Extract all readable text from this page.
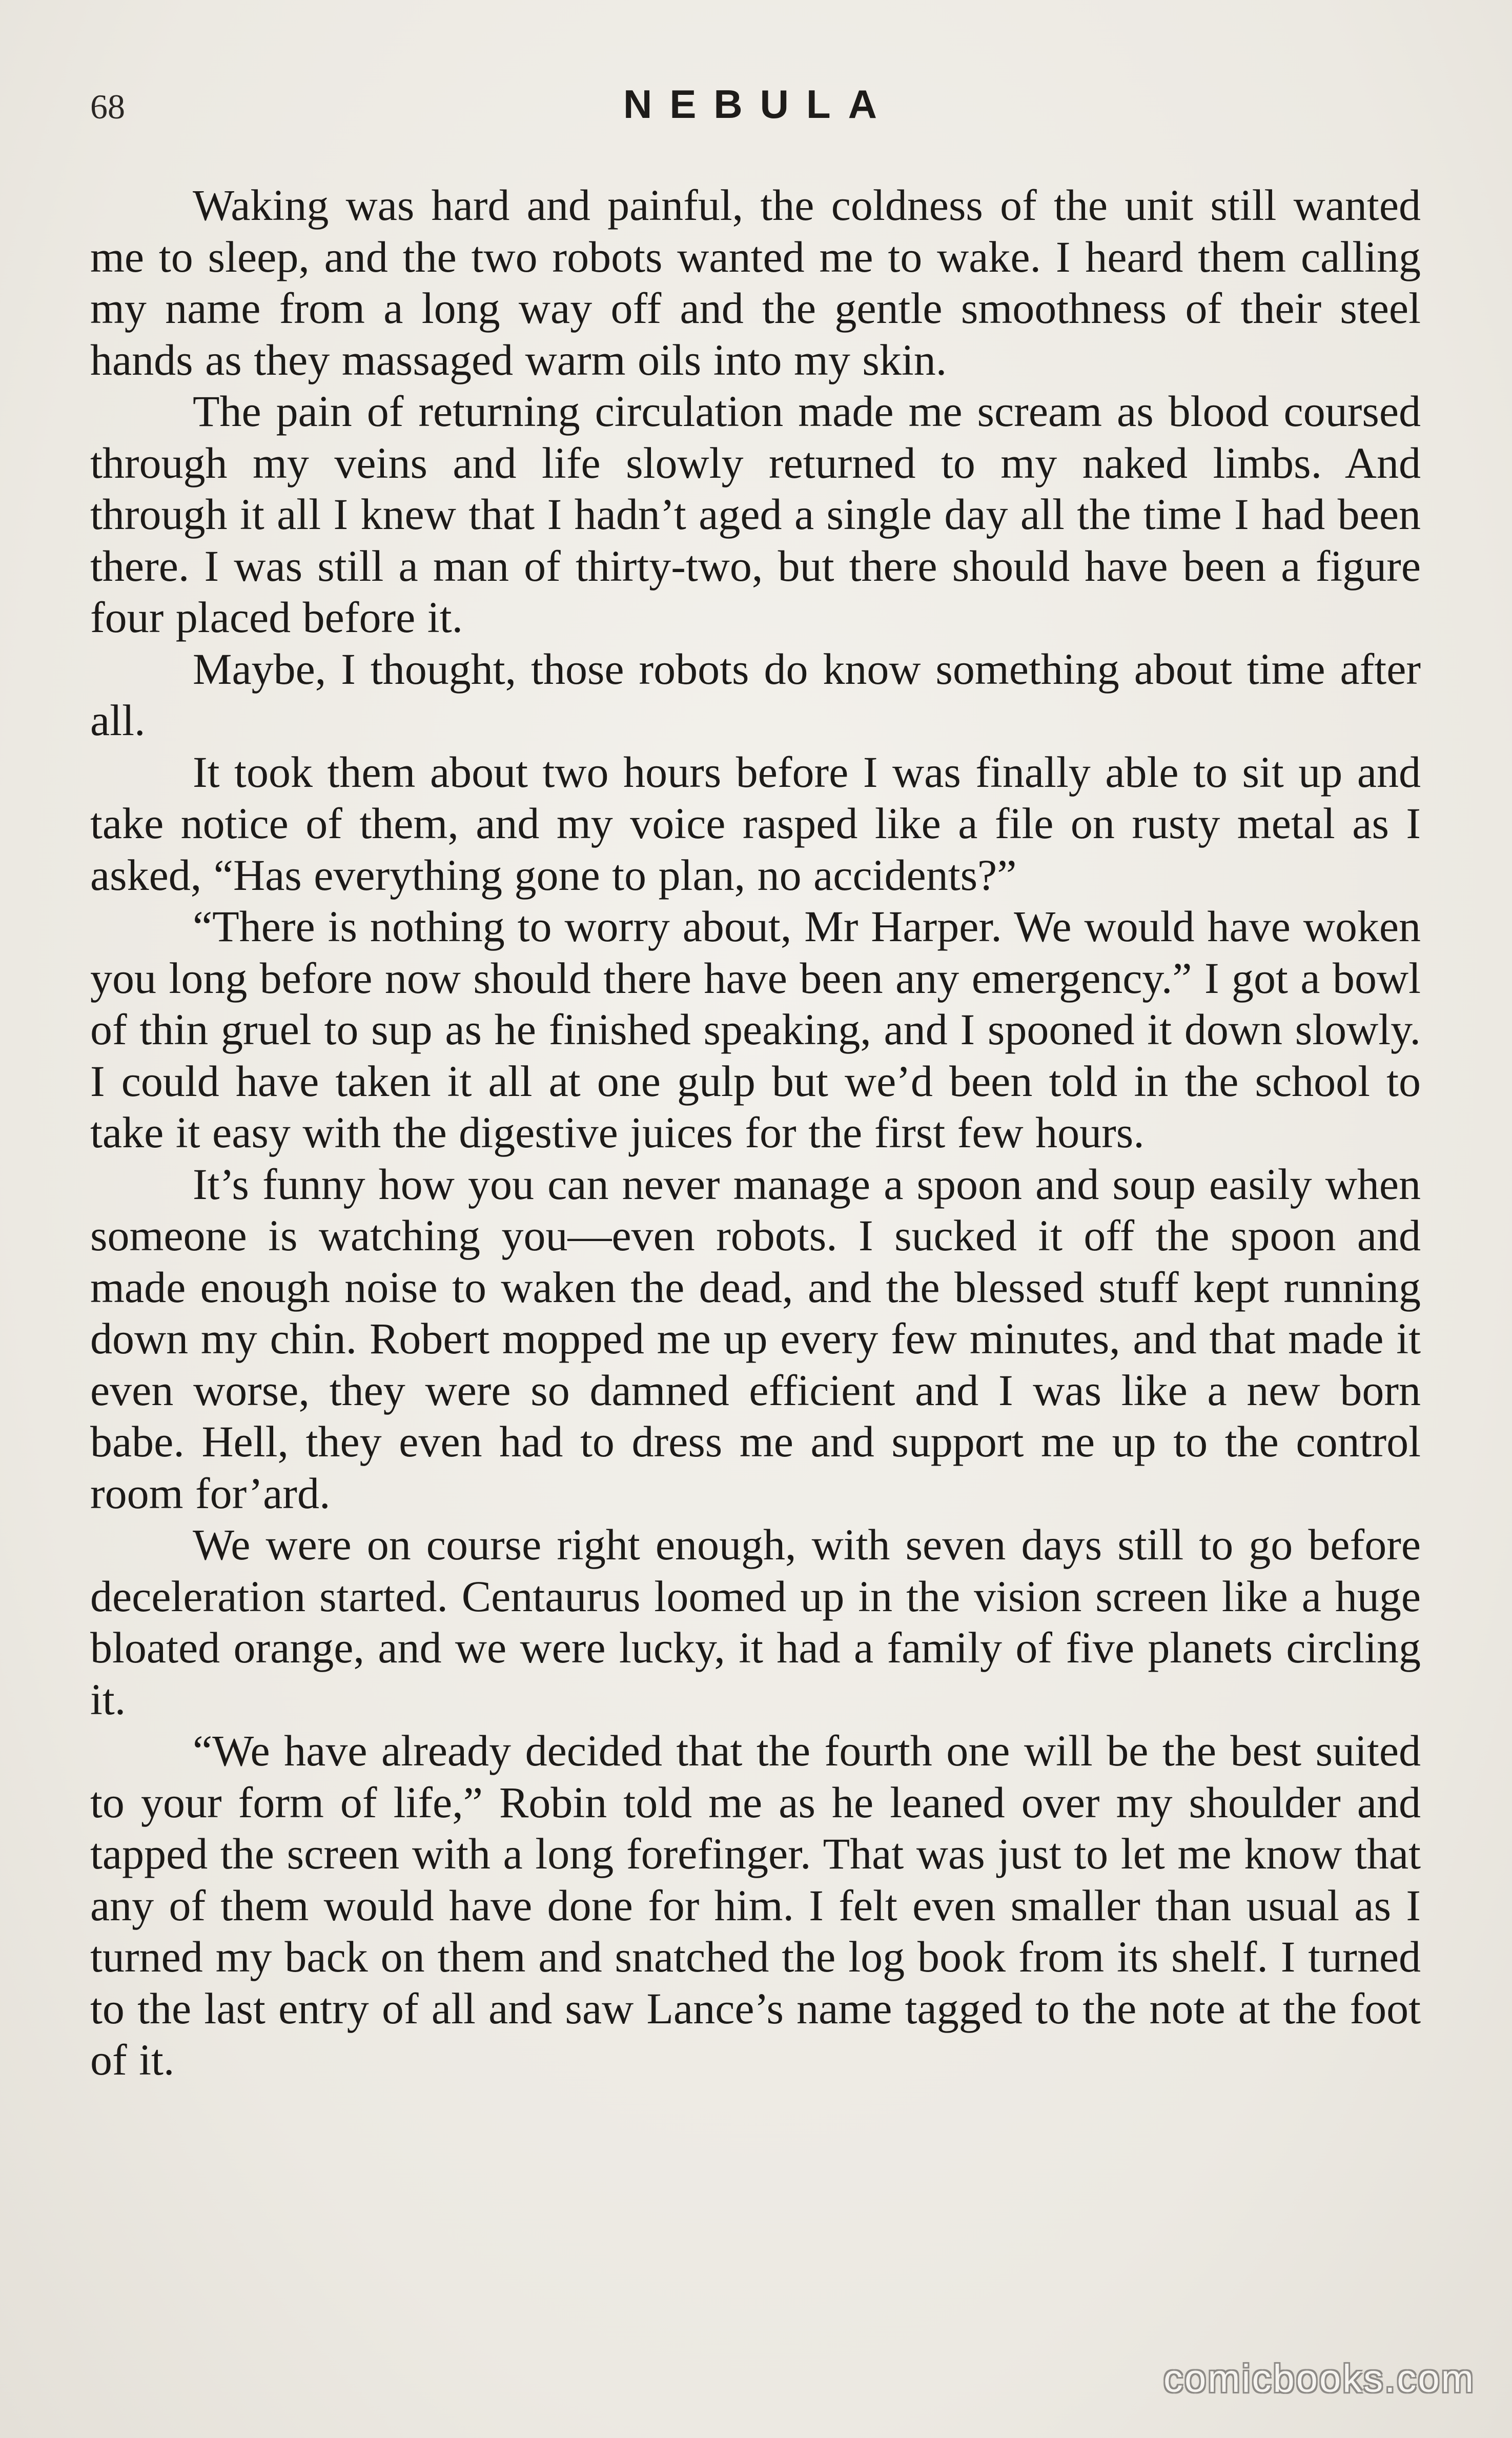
68	NEBULA

Waking was hard and painful, the coldness of the unit still wanted me to sleep, and the two robots wanted me to wake. I heard them calling my name from a long way off and the gentle smoothness of their steel hands as they massaged warm oils into my skin.

The pain of returning circulation made me scream as blood coursed through my veins and life slowly returned to my naked limbs. And through it all I knew that I hadn’t aged a single day all the time I had been there. I was still a man of thirty-two, but there should have been a figure four placed before it.

Maybe, I thought, those robots do know something about time after all.

It took them about two hours before I was finally able to sit up and take notice of them, and my voice rasped like a file on rusty metal as I asked, “Has everything gone to plan, no accidents?”

“There is nothing to worry about, Mr Harper. We would have woken you long before now should there have been any emergency.” I got a bowl of thin gruel to sup as he finished speaking, and I spooned it down slowly. I could have taken it all at one gulp but we’d been told in the school to take it easy with the digestive juices for the first few hours.

It’s funny how you can never manage a spoon and soup easily when someone is watching you—even robots. I sucked it off the spoon and made enough noise to waken the dead, and the blessed stuff kept running down my chin. Robert mopped me up every few minutes, and that made it even worse, they were so damned efficient and I was like a new born babe. Hell, they even had to dress me and support me up to the control room for’ard.

We were on course right enough, with seven days still to go before deceleration started. Centaurus loomed up in the vision screen like a huge bloated orange, and we were lucky, it had a family of five planets circling it.

“We have already decided that the fourth one will be the best suited to your form of life,” Robin told me as he leaned over my shoulder and tapped the screen with a long forefinger. That was just to let me know that any of them would have done for him. I felt even smaller than usual as I turned my back on them and snatched the log book from its shelf. I turned to the last entry of all and saw Lance’s name tagged to the note at the foot of it.

comicbooks.com
